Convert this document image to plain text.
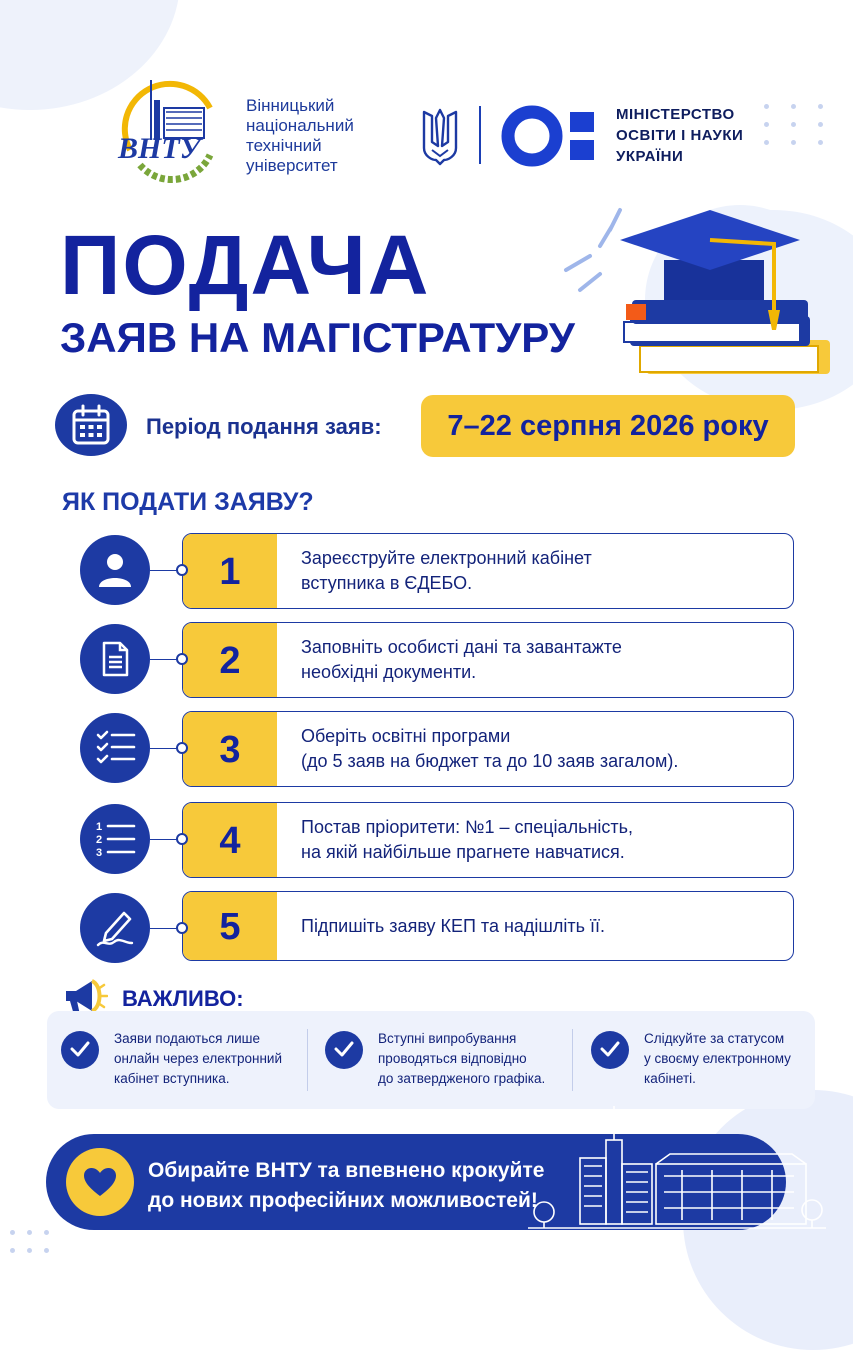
ВНТУ
Вінницький
національний
технічний
університет
МІНІСТЕРСТВО
ОСВІТИ І НАУКИ
УКРАЇНИ
ПОДАЧА
ЗАЯВ НА МАГІСТРАТУРУ
Період подання заяв:	7–22 серпня 2026 року
ЯК ПОДАТИ ЗАЯВУ?
1	Зареєструйте електронний кабінет
вступника в ЄДЕБО.
2	Заповніть особисті дані та завантажте
необхідні документи.
3	Оберіть освітні програми
(до 5 заяв на бюджет та до 10 заяв загалом).
1
2
3	4	Постав пріоритети: №1 – спеціальність,
на якій найбільше прагнете навчатися.
5	Підпишіть заяву КЕП та надішліть її.
ВАЖЛИВО:
Заяви подаються лише
онлайн через електронний
кабінет вступника.
Вступні випробування
проводяться відповідно
до затвердженого графіка.
Слідкуйте за статусом
у своєму електронному
кабінеті.
Обирайте ВНТУ та впевнено крокуйте
до нових професійних можливостей!
